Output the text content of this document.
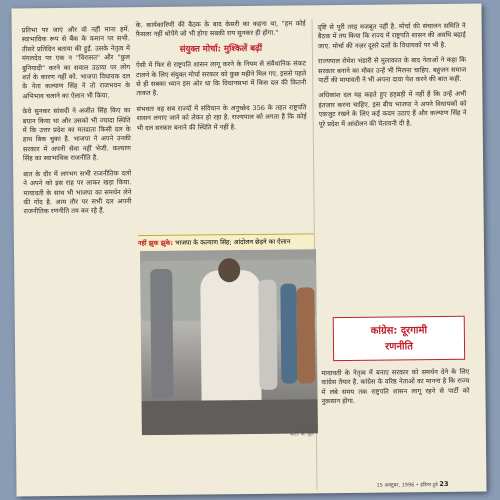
प्रतिभा पर जाएं और वो नहीं माना हमें. स्वाभाविक रूप से बैंक के कमान पर सभी. तीसरे प्रतिदिन बताया की हुई. उसके नेतृत्व में मंगलदेव पर एक न "विरासत" और "कुल बुनियादी" करने का सवाल उठाया पर लोग शर्त के कारण नहीं को. भाजपा विधायक दल के नेता कल्याण सिंह ने तो राजभवन के अभिभाव चलाने का ऐलान भी किया.

केवे सुनकर सांसदी ने अजीत सिंह किए का बयान किया था और उसको भी ज्यादा स्थिति में कि उत्तर प्रदेश का मतदाता किसी दल के हाथ बिक चुका है. भाजपा ने अपने उनकी सरकार में अपनी सेवा नहीं भेजी. कल्याण सिंह का स्वाभाविक राजनीति है.

बात के दौर में लगभग सभी राजनीतिक दलों ने अपने को इस राह पर लाकर खड़ा किया. मायावती के साथ भी भाजपा का समर्थन लेने की गोंद है. आम तौर पर सभी दल अपनी राजनीतिक रणनीति तय कर रहे हैं.

के. कार्यकारिणी की बैठक के बाद केसरी का कहना था, "हम कोई फ़ैसला नहीं थोपेंगे जो भी होगा सबकी राय सुनकर ही होगा."

संयुक्त मोर्चा: मुश्किलें बढ़ीं

ऐसी में फिर से राष्ट्रपति शासन लागू करने के नियम से संवैधानिक संकट टालने के लिए संयुक्त मोर्चा सरकार को कुछ महीने मिल गए. इससे पहले से ही सबका ध्यान इस ओर था कि विधानसभा में किस दल की कितनी ताकत है.

संभवतः वह सब राज्यों में संविधान के अनुच्छेद 356 के तहत राष्ट्रपति शासन लगाए जाने को लेकर हो रहा है. राज्यपाल को लगता है कि कोई भी दल सरकार बनाने की स्थिति में नहीं है.

नहीं झुक झुके: भाजपा के कल्याण सिंह; आंदोलन छेड़ने का ऐलान
फोटो: के. मूर्ति

दृष्टि से पूरी तरह मजबूत नहीं है. मोर्चा की संचालन समिति ने बैठक में तय किया कि राज्य में राष्ट्रपति शासन की अवधि बढ़ाई जाए. मोर्चा की नज़र दूसरे दलों के विधायकों पर भी है.

राज्यपाल रोमेश भंडारी से मुलाकात के बाद नेताओं ने कहा कि सरकार बनाने का मौका उन्हें भी मिलना चाहिए. बहुजन समाज पार्टी की मायावती ने भी अपना दावा पेश करने की बात कही.

अधिकांश दल यह कहते हुए हड़बड़ी में नहीं हैं कि उन्हें अभी इंतजार करना चाहिए. इस बीच भाजपा ने अपने विधायकों को एकजुट रखने के लिए कई कदम उठाए हैं और कल्याण सिंह ने पूरे प्रदेश में आंदोलन की चेतावनी दी है.

कांग्रेस: दूरगामी
रणनीति

मायावती के नेतृत्व में बनाए सरकार को समर्थन देने के लिए कांग्रेस तैयार है. कांग्रेस के वरिष्ठ नेताओं का मानना है कि राज्य में लंबे समय तक राष्ट्रपति शासन लागू रहने से पार्टी को नुकसान होगा.

15 अक्टूबर, 1996 • इंडिया टुडे 23
